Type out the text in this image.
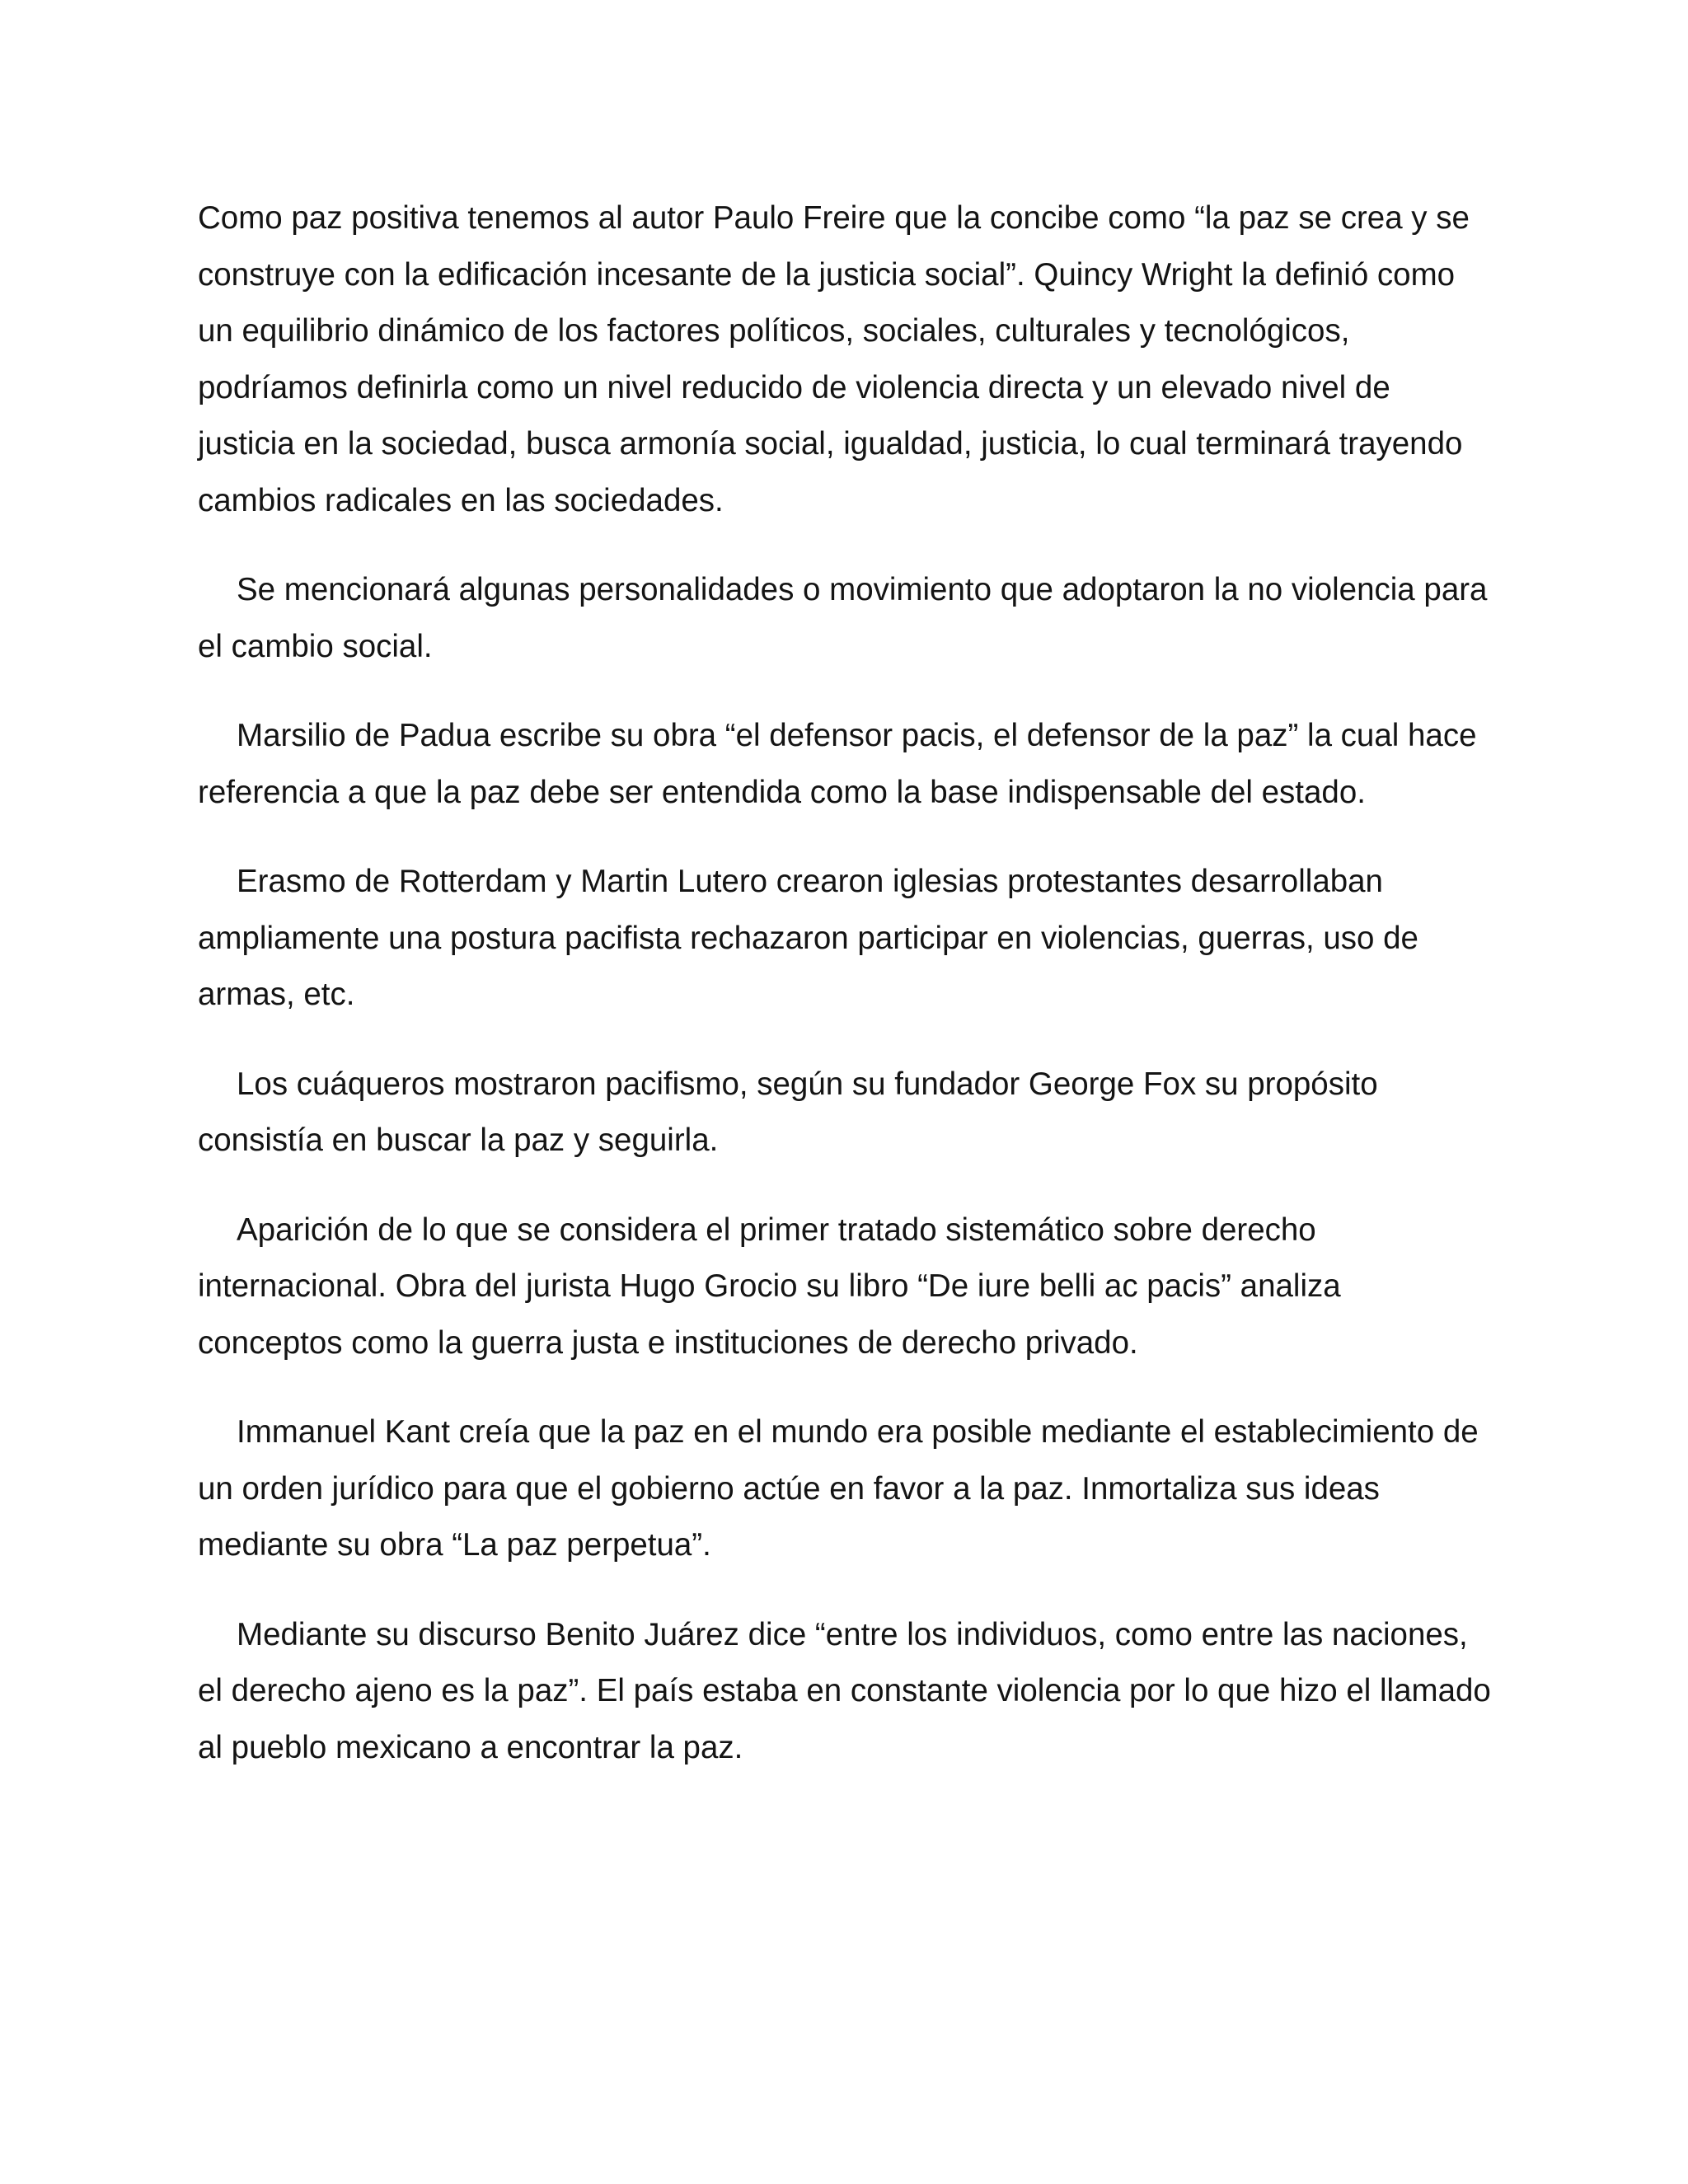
Como paz positiva tenemos al autor Paulo Freire que la concibe como “la paz se crea y se construye con la edificación incesante de la justicia social”. Quincy Wright la definió como un equilibrio dinámico de los factores políticos, sociales, culturales y tecnológicos, podríamos definirla como un nivel reducido de violencia directa y un elevado nivel de justicia en la sociedad, busca armonía social, igualdad, justicia, lo cual terminará trayendo cambios radicales en las sociedades.

Se mencionará algunas personalidades o movimiento que adoptaron la no violencia para el cambio social.

Marsilio de Padua escribe su obra “el defensor pacis, el defensor de la paz” la cual hace referencia a que la paz debe ser entendida como la base indispensable del estado.

Erasmo de Rotterdam y Martin Lutero crearon iglesias protestantes desarrollaban ampliamente una postura pacifista rechazaron participar en violencias, guerras, uso de armas, etc.

Los cuáqueros mostraron pacifismo, según su fundador George Fox su propósito consistía en buscar la paz y seguirla.

Aparición de lo que se considera el primer tratado sistemático sobre derecho internacional. Obra del jurista Hugo Grocio su libro “De iure belli ac pacis” analiza conceptos como la guerra justa e instituciones de derecho privado.

Immanuel Kant creía que la paz en el mundo era posible mediante el establecimiento de un orden jurídico para que el gobierno actúe en favor a la paz. Inmortaliza sus ideas mediante su obra “La paz perpetua”.

Mediante su discurso Benito Juárez dice “entre los individuos, como entre las naciones, el derecho ajeno es la paz”. El país estaba en constante violencia por lo que hizo el llamado al pueblo mexicano a encontrar la paz.
